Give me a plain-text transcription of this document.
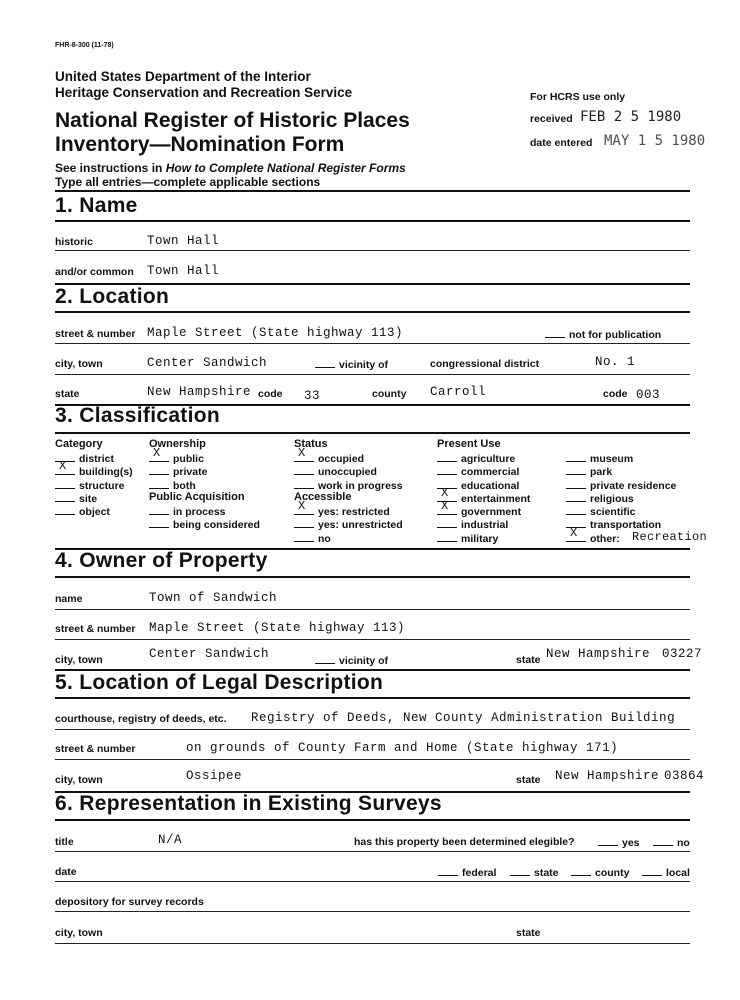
FHR-8-300 (11-78)
United States Department of the Interior
Heritage Conservation and Recreation Service
National Register of Historic Places
Inventory—Nomination Form
See instructions in How to Complete National Register Forms
Type all entries—complete applicable sections
For HCRS use only
received FEB 2 5 1980
date entered MAY 1 5 1980
1. Name
historic	Town Hall
and/or common Town Hall
2. Location
street & number Maple Street (State highway 113)	not for publication
city, town	Center Sandwich	vicinity of	congressional district	No. 1
state	New Hampshire code 33	county Carroll	code 003
3. Classification
Category
district
X building(s)
structure
site
object
Ownership
X public
private
both
Public Acquisition
in process
being considered
Status
X occupied
unoccupied
work in progress
Accessible
X yes: restricted
yes: unrestricted
no
Present Use
agriculture
commercial
educational
X entertainment
X government
industrial
military
museum
park
private residence
religious
scientific
transportation
X other: Recreation
4. Owner of Property
name	Town of Sandwich
street & number Maple Street (State highway 113)
city, town	Center Sandwich	vicinity of	state New Hampshire 03227
5. Location of Legal Description
courthouse, registry of deeds, etc. Registry of Deeds, New County Administration Building
street & number	on grounds of County Farm and Home (State highway 171)
city, town	Ossipee	state New Hampshire 03864
6. Representation in Existing Surveys
title	N/A	has this property been determined elegible?	yes	no
date	federal	state	county	local
depository for survey records
city, town	state
